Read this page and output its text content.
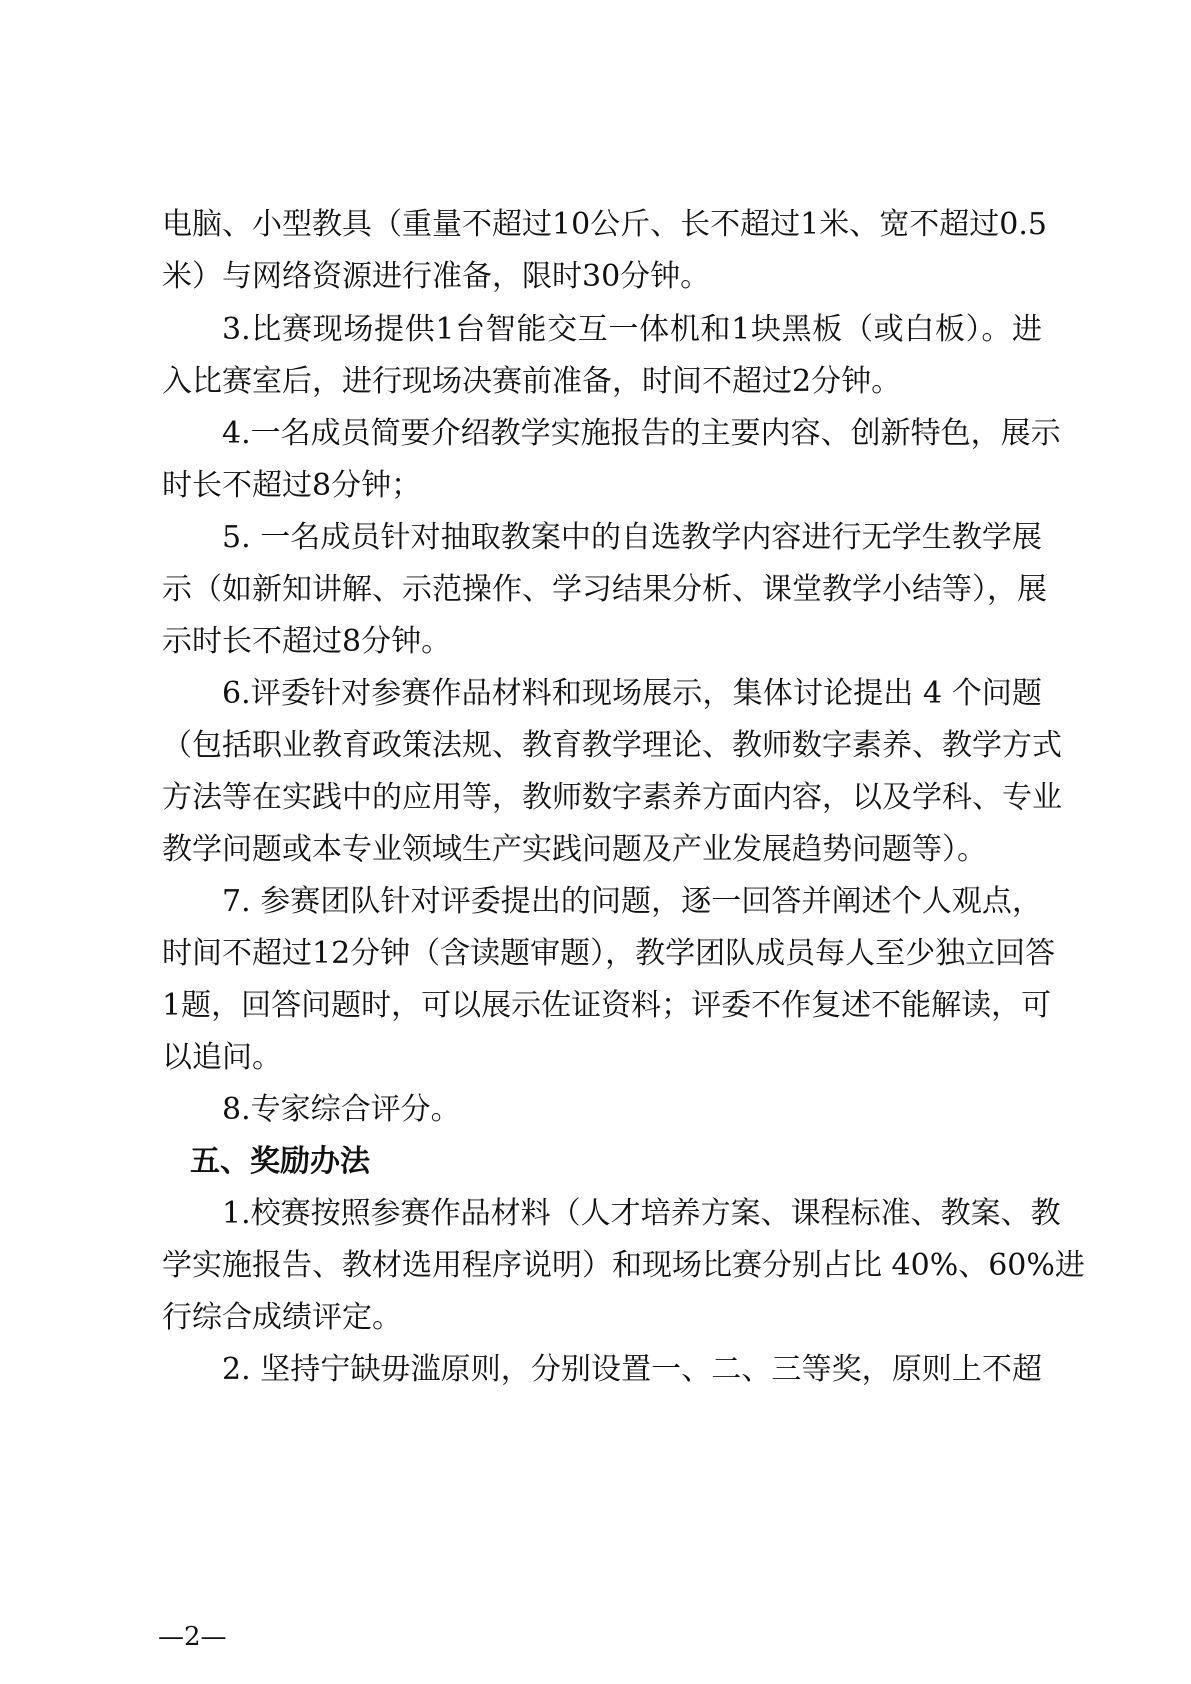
电脑、小型教具（重量不超过10公斤、长不超过1米、宽不超过0.5
米）与网络资源进行准备，限时30分钟。
3.比赛现场提供1台智能交互一体机和1块黑板（或白板）。进
入比赛室后，进行现场决赛前准备，时间不超过2分钟。
4.一名成员简要介绍教学实施报告的主要内容、创新特色，展示
时长不超过8分钟；
5. 一名成员针对抽取教案中的自选教学内容进行无学生教学展
示（如新知讲解、示范操作、学习结果分析、课堂教学小结等），展
示时长不超过8分钟。
6.评委针对参赛作品材料和现场展示，集体讨论提出 4 个问题
（包括职业教育政策法规、教育教学理论、教师数字素养、教学方式
方法等在实践中的应用等，教师数字素养方面内容，以及学科、专业
教学问题或本专业领域生产实践问题及产业发展趋势问题等）。
7. 参赛团队针对评委提出的问题，逐一回答并阐述个人观点，
时间不超过12分钟（含读题审题），教学团队成员每人至少独立回答
1题，回答问题时，可以展示佐证资料；评委不作复述不能解读，可
以追问。
8.专家综合评分。
五、奖励办法
1.校赛按照参赛作品材料（人才培养方案、课程标准、教案、教
学实施报告、教材选用程序说明）和现场比赛分别占比 40%、60%进
行综合成绩评定。
2. 坚持宁缺毋滥原则，分别设置一、二、三等奖，原则上不超
—2—
